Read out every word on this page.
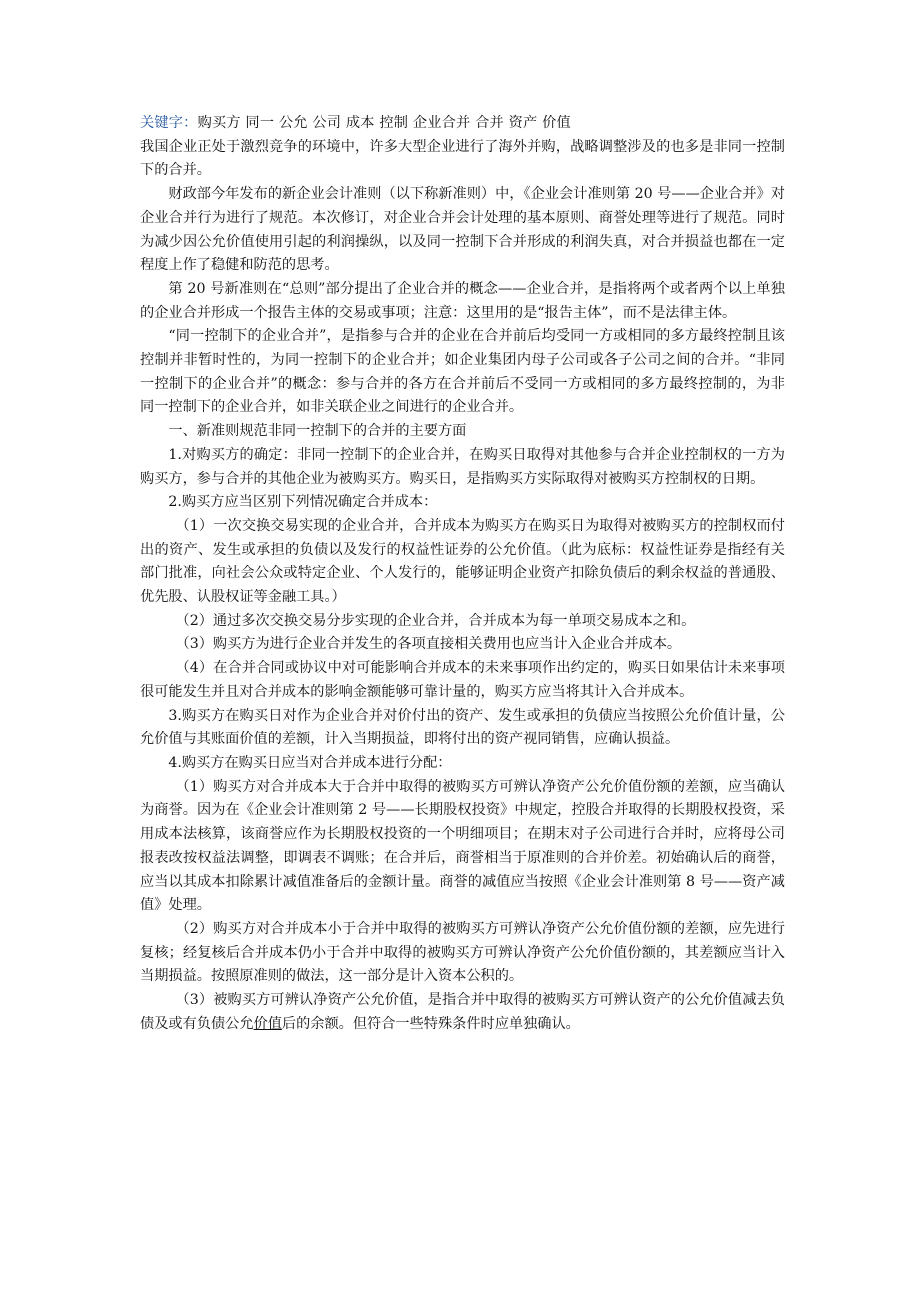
关键字：购买方 同一 公允 公司 成本 控制 企业合并 合并 资产 价值

我国企业正处于激烈竞争的环境中，许多大型企业进行了海外并购，战略调整涉及的也多是非同一控制下的合并。

财政部今年发布的新企业会计准则（以下称新准则）中，《企业会计准则第 20 号——企业合并》对企业合并行为进行了规范。本次修订，对企业合并会计处理的基本原则、商誉处理等进行了规范。同时为减少因公允价值使用引起的利润操纵，以及同一控制下合并形成的利润失真，对合并损益也都在一定程度上作了稳健和防范的思考。

第 20 号新准则在“总则”部分提出了企业合并的概念——企业合并，是指将两个或者两个以上单独的企业合并形成一个报告主体的交易或事项；注意：这里用的是“报告主体”，而不是法律主体。

“同一控制下的企业合并”，是指参与合并的企业在合并前后均受同一方或相同的多方最终控制且该控制并非暂时性的，为同一控制下的企业合并；如企业集团内母子公司或各子公司之间的合并。“非同一控制下的企业合并”的概念：参与合并的各方在合并前后不受同一方或相同的多方最终控制的，为非同一控制下的企业合并，如非关联企业之间进行的企业合并。

一、新准则规范非同一控制下的合并的主要方面

1.对购买方的确定：非同一控制下的企业合并，在购买日取得对其他参与合并企业控制权的一方为购买方，参与合并的其他企业为被购买方。购买日，是指购买方实际取得对被购买方控制权的日期。

2.购买方应当区别下列情况确定合并成本：

（1）一次交换交易实现的企业合并，合并成本为购买方在购买日为取得对被购买方的控制权而付出的资产、发生或承担的负债以及发行的权益性证券的公允价值。（此为底标：权益性证券是指经有关部门批准，向社会公众或特定企业、个人发行的，能够证明企业资产扣除负债后的剩余权益的普通股、优先股、认股权证等金融工具。）

（2）通过多次交换交易分步实现的企业合并，合并成本为每一单项交易成本之和。

（3）购买方为进行企业合并发生的各项直接相关费用也应当计入企业合并成本。

（4）在合并合同或协议中对可能影响合并成本的未来事项作出约定的，购买日如果估计未来事项很可能发生并且对合并成本的影响金额能够可靠计量的，购买方应当将其计入合并成本。

3.购买方在购买日对作为企业合并对价付出的资产、发生或承担的负债应当按照公允价值计量，公允价值与其账面价值的差额，计入当期损益，即将付出的资产视同销售，应确认损益。

4.购买方在购买日应当对合并成本进行分配：

（1）购买方对合并成本大于合并中取得的被购买方可辨认净资产公允价值份额的差额，应当确认为商誉。因为在《企业会计准则第 2 号——长期股权投资》中规定，控股合并取得的长期股权投资，采用成本法核算，该商誉应作为长期股权投资的一个明细项目；在期末对子公司进行合并时，应将母公司报表改按权益法调整，即调表不调账；在合并后，商誉相当于原准则的合并价差。初始确认后的商誉，应当以其成本扣除累计减值准备后的金额计量。商誉的减值应当按照《企业会计准则第 8 号——资产减值》处理。

（2）购买方对合并成本小于合并中取得的被购买方可辨认净资产公允价值份额的差额，应先进行复核；经复核后合并成本仍小于合并中取得的被购买方可辨认净资产公允价值份额的，其差额应当计入当期损益。按照原准则的做法，这一部分是计入资本公积的。

（3）被购买方可辨认净资产公允价值，是指合并中取得的被购买方可辨认资产的公允价值减去负债及或有负债公允价值后的余额。但符合一些特殊条件时应单独确认。
